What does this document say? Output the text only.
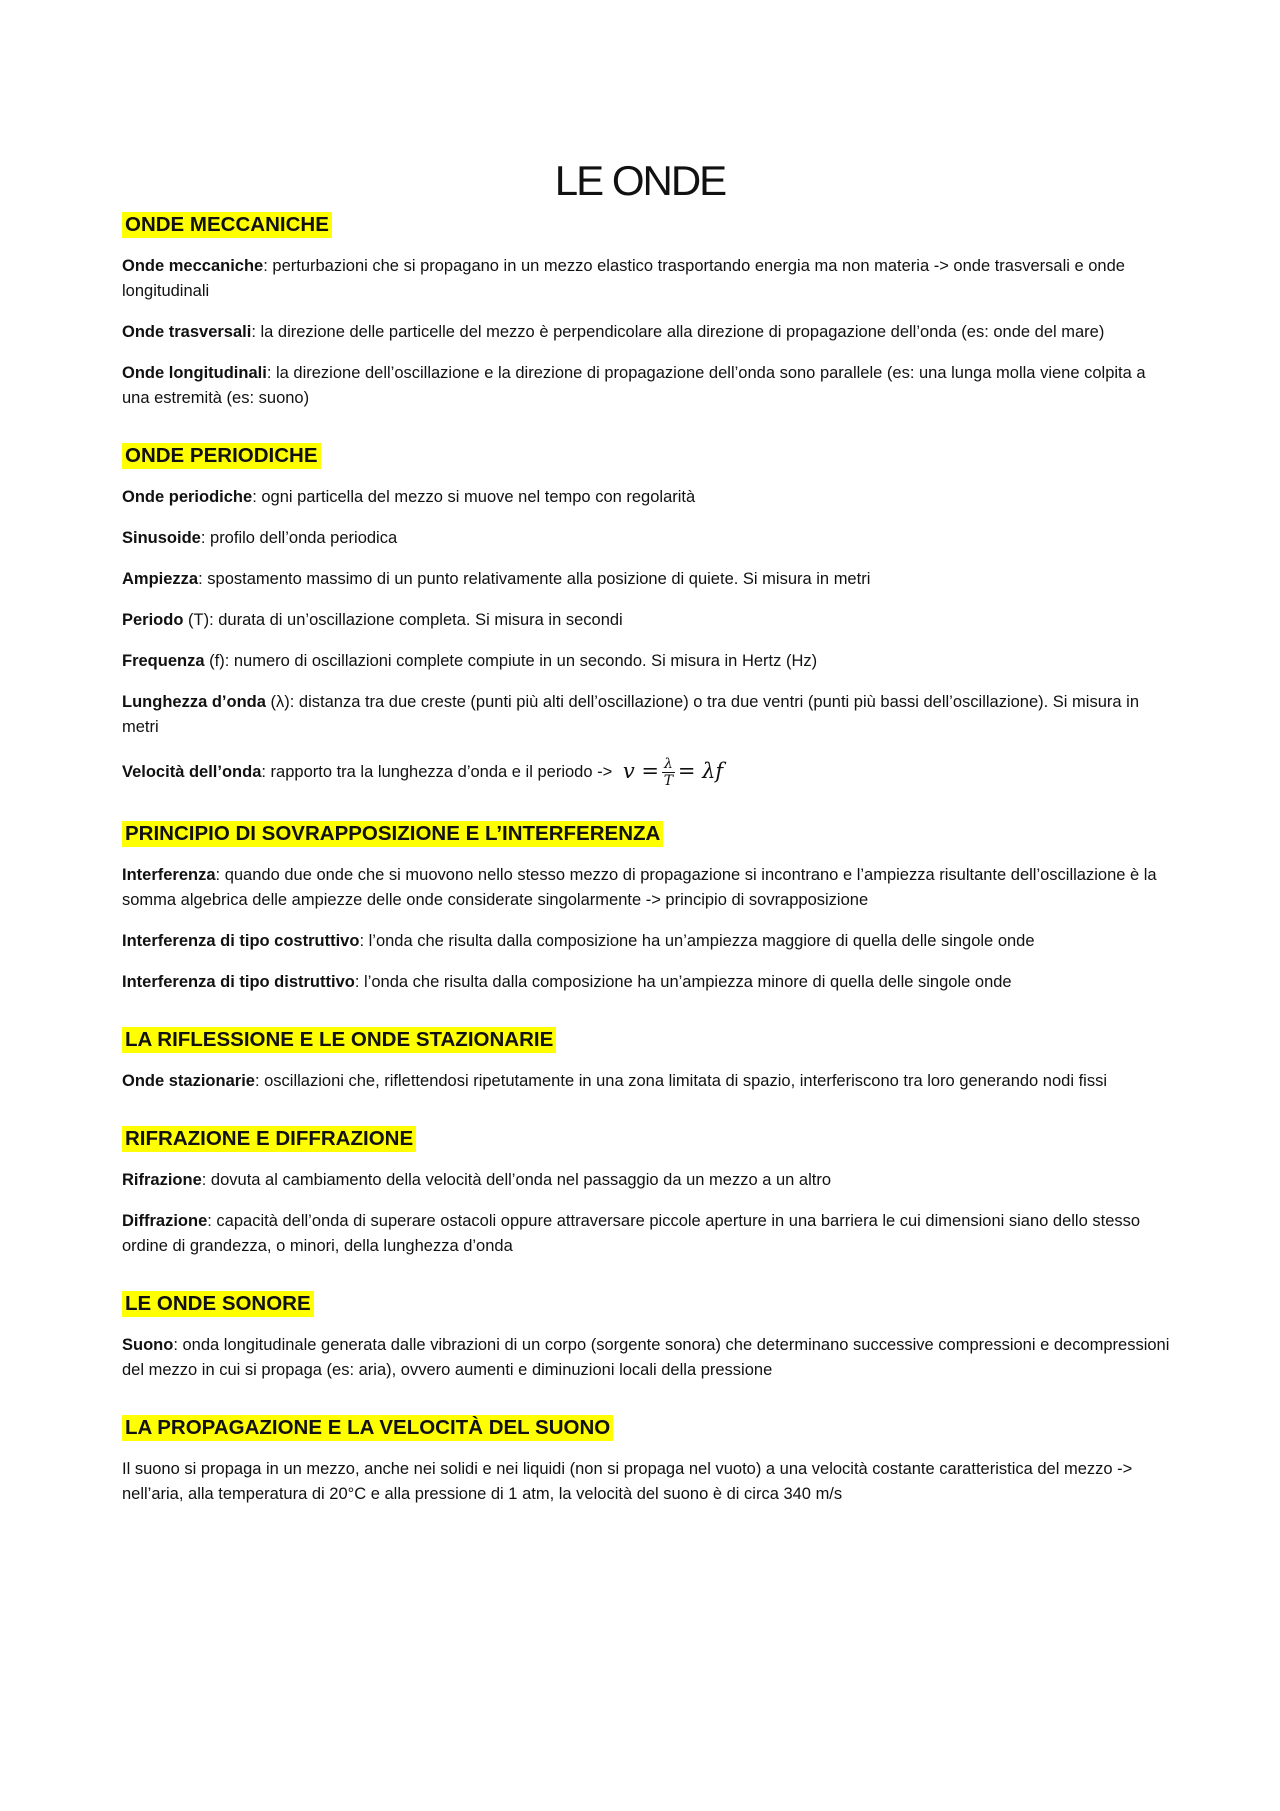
LE ONDE
ONDE MECCANICHE

Onde meccaniche: perturbazioni che si propagano in un mezzo elastico trasportando energia ma non materia -> onde trasversali e onde longitudinali

Onde trasversali: la direzione delle particelle del mezzo è perpendicolare alla direzione di propagazione dell’onda (es: onde del mare)

Onde longitudinali: la direzione dell’oscillazione e la direzione di propagazione dell’onda sono parallele (es: una lunga molla viene colpita a una estremità (es: suono)

ONDE PERIODICHE

Onde periodiche: ogni particella del mezzo si muove nel tempo con regolarità

Sinusoide: profilo dell’onda periodica

Ampiezza: spostamento massimo di un punto relativamente alla posizione di quiete. Si misura in metri

Periodo (T): durata di un’oscillazione completa. Si misura in secondi

Frequenza (f): numero di oscillazioni complete compiute in un secondo. Si misura in Hertz (Hz)

Lunghezza d’onda (λ): distanza tra due creste (punti più alti dell’oscillazione) o tra due ventri (punti più bassi dell’oscillazione). Si misura in metri

Velocità dell’onda: rapporto tra la lunghezza d’onda e il periodo -> $v = \frac{\lambda}{T} = \lambda f$

PRINCIPIO DI SOVRAPPOSIZIONE E L’INTERFERENZA

Interferenza: quando due onde che si muovono nello stesso mezzo di propagazione si incontrano e l’ampiezza risultante dell’oscillazione è la somma algebrica delle ampiezze delle onde considerate singolarmente -> principio di sovrapposizione

Interferenza di tipo costruttivo: l’onda che risulta dalla composizione ha un’ampiezza maggiore di quella delle singole onde

Interferenza di tipo distruttivo: l’onda che risulta dalla composizione ha un’ampiezza minore di quella delle singole onde

LA RIFLESSIONE E LE ONDE STAZIONARIE

Onde stazionarie: oscillazioni che, riflettendosi ripetutamente in una zona limitata di spazio, interferiscono tra loro generando nodi fissi

RIFRAZIONE E DIFFRAZIONE

Rifrazione: dovuta al cambiamento della velocità dell’onda nel passaggio da un mezzo a un altro

Diffrazione: capacità dell’onda di superare ostacoli oppure attraversare piccole aperture in una barriera le cui dimensioni siano dello stesso ordine di grandezza, o minori, della lunghezza d’onda

LE ONDE SONORE

Suono: onda longitudinale generata dalle vibrazioni di un corpo (sorgente sonora) che determinano successive compressioni e decompressioni del mezzo in cui si propaga (es: aria), ovvero aumenti e diminuzioni locali della pressione

LA PROPAGAZIONE E LA VELOCITÀ DEL SUONO

Il suono si propaga in un mezzo, anche nei solidi e nei liquidi (non si propaga nel vuoto) a una velocità costante caratteristica del mezzo -> nell’aria, alla temperatura di 20°C e alla pressione di 1 atm, la velocità del suono è di circa 340 m/s
